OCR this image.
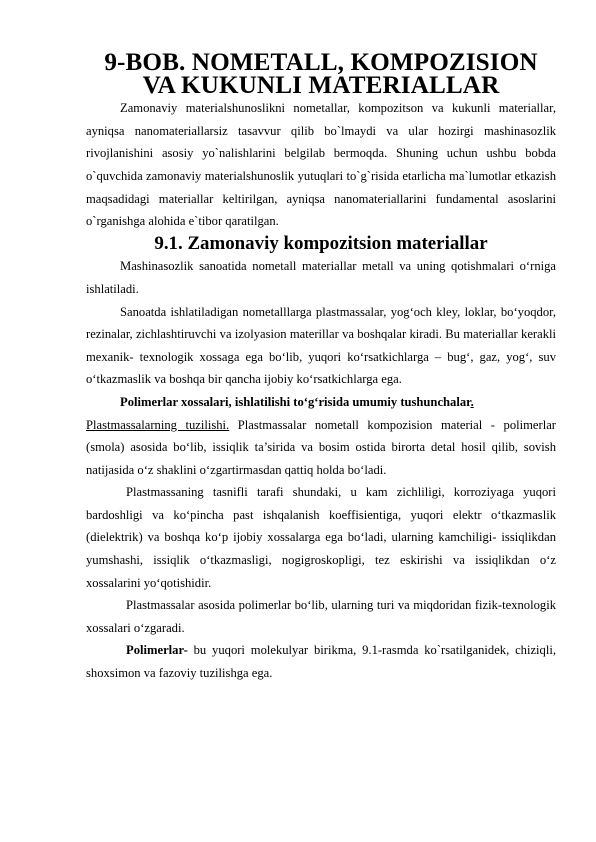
9-BOB. NOMETALL, KOMPOZISION VA KUKUNLI MATERIALLAR

Zamonaviy materialshunoslikni nometallar, kompozitson va kukunli materiallar, ayniqsa nanomateriallarsiz tasavvur qilib bo`lmaydi va ular hozirgi mashinasozlik rivojlanishini asosiy yo`nalishlarini belgilab bermoqda. Shuning uchun ushbu bobda o`quvchida zamonaviy materialshunoslik yutuqlari to`g`risida etarlicha ma`lumotlar etkazish maqsadidagi materiallar keltirilgan, ayniqsa nanomateriallarini fundamental asoslarini o`rganishga alohida e`tibor qaratilgan.

9.1. Zamonaviy kompozitsion materiallar

Mashinasozlik sanoatida nometall materiallar metall va uning qotishmalari o‘rniga ishlatiladi.

Sanoatda ishlatiladigan nometalllarga plastmassalar, yog‘och kley, loklar, bo‘yoqdor, rezinalar, zichlashtiruvchi va izolyasion materillar va boshqalar kiradi. Bu materiallar kerakli mexanik- texnologik xossaga ega bo‘lib, yuqori ko‘rsatkichlarga – bug‘, gaz, yog‘, suv o‘tkazmaslik va boshqa bir qancha ijobiy ko‘rsatkichlarga ega.

Polimerlar xossalari, ishlatilishi to‘g‘risida umumiy tushunchalar.

Plastmassalarning tuzilishi. Plastmassalar nometall kompozision material - polimerlar (smola) asosida bo‘lib, issiqlik ta’sirida va bosim ostida birorta detal hosil qilib, sovish natijasida o‘z shaklini o‘zgartirmasdan qattiq holda bo‘ladi.

Plastmassaning tasnifli tarafi shundaki, u kam zichliligi, korroziyaga yuqori bardoshligi va ko‘pincha past ishqalanish koeffisientiga, yuqori elektr o‘tkazmaslik (dielektrik) va boshqa ko‘p ijobiy xossalarga ega bo‘ladi, ularning kamchiligi- issiqlikdan yumshashi, issiqlik o‘tkazmasligi, nogigroskopligi, tez eskirishi va issiqlikdan o‘z xossalarini yo‘qotishidir.

Plastmassalar asosida polimerlar bo‘lib, ularning turi va miqdoridan fizik-texnologik xossalari o‘zgaradi.

Polimerlar- bu yuqori molekulyar birikma, 9.1-rasmda ko`rsatilganidek, chiziqli, shoxsimon va fazoviy tuzilishga ega.
